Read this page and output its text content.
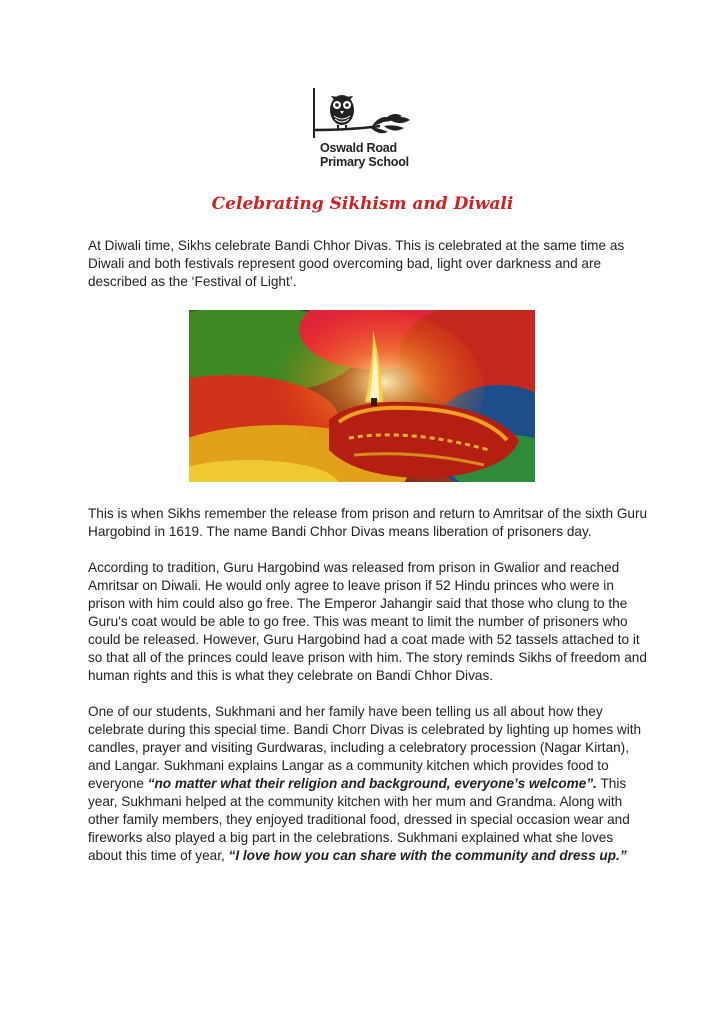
Oswald Road
Primary School
Celebrating Sikhism and Diwali

At Diwali time, Sikhs celebrate Bandi Chhor Divas. This is celebrated at the same time as Diwali and both festivals represent good overcoming bad, light over darkness and are described as the ‘Festival of Light’.

This is when Sikhs remember the release from prison and return to Amritsar of the sixth Guru Hargobind in 1619. The name Bandi Chhor Divas means liberation of prisoners day.

According to tradition, Guru Hargobind was released from prison in Gwalior and reached Amritsar on Diwali. He would only agree to leave prison if 52 Hindu princes who were in prison with him could also go free. The Emperor Jahangir said that those who clung to the Guru's coat would be able to go free. This was meant to limit the number of prisoners who could be released. However, Guru Hargobind had a coat made with 52 tassels attached to it so that all of the princes could leave prison with him. The story reminds Sikhs of freedom and human rights and this is what they celebrate on Bandi Chhor Divas.

One of our students, Sukhmani and her family have been telling us all about how they celebrate during this special time. Bandi Chorr Divas is celebrated by lighting up homes with candles, prayer and visiting Gurdwaras, including a celebratory procession (Nagar Kirtan), and Langar. Sukhmani explains Langar as a community kitchen which provides food to everyone “no matter what their religion and background, everyone’s welcome”. This year, Sukhmani helped at the community kitchen with her mum and Grandma. Along with other family members, they enjoyed traditional food, dressed in special occasion wear and fireworks also played a big part in the celebrations. Sukhmani explained what she loves about this time of year, “I love how you can share with the community and dress up.”
